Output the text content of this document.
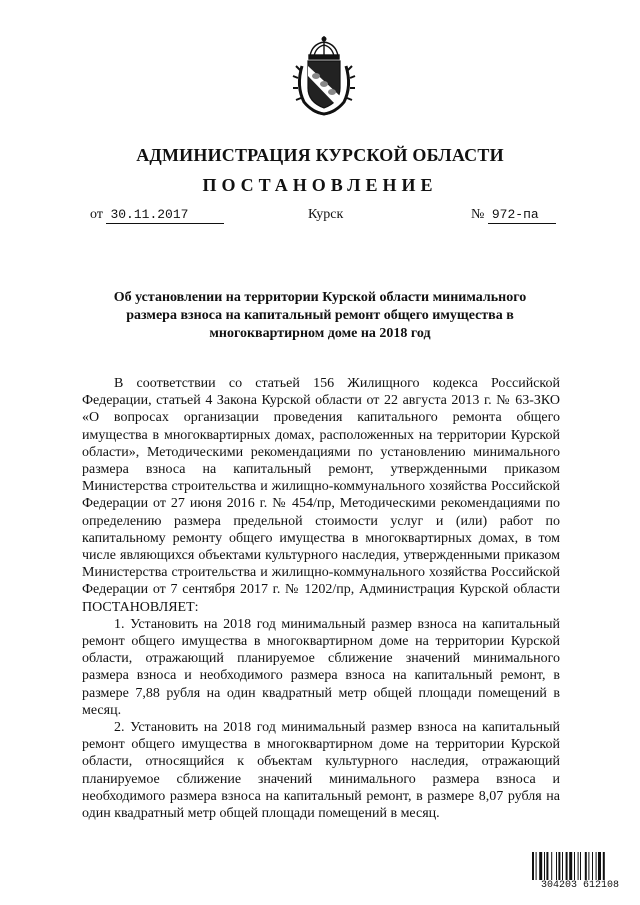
АДМИНИСТРАЦИЯ КУРСКОЙ ОБЛАСТИ
ПОСТАНОВЛЕНИЕ
от 30.11.2017	Курск	№ 972-па
Об установлении на территории Курской области минимального размера взноса на капитальный ремонт общего имущества в многоквартирном доме на 2018 год

В соответствии со статьей 156 Жилищного кодекса Российской Федерации, статьей 4 Закона Курской области от 22 августа 2013 г. № 63-ЗКО «О вопросах организации проведения капитального ремонта общего имущества в многоквартирных домах, расположенных на территории Курской области», Методическими рекомендациями по установлению минимального размера взноса на капитальный ремонт, утвержденными приказом Министерства строительства и жилищно-коммунального хозяйства Российской Федерации от 27 июня 2016 г. № 454/пр, Методическими рекомендациями по определению размера предельной стоимости услуг и (или) работ по капитальному ремонту общего имущества в многоквартирных домах, в том числе являющихся объектами культурного наследия, утвержденными приказом Министерства строительства и жилищно-коммунального хозяйства Российской Федерации от 7 сентября 2017 г. № 1202/пр, Администрация Курской области ПОСТАНОВЛЯЕТ:

1. Установить на 2018 год минимальный размер взноса на капитальный ремонт общего имущества в многоквартирном доме на территории Курской области, отражающий планируемое сближение значений минимального размера взноса и необходимого размера взноса на капитальный ремонт, в размере 7,88 рубля на один квадратный метр общей площади помещений в месяц.

2. Установить на 2018 год минимальный размер взноса на капитальный ремонт общего имущества в многоквартирном доме на территории Курской области, относящийся к объектам культурного наследия, отражающий планируемое сближение значений минимального размера взноса и необходимого размера взноса на капитальный ремонт, в размере 8,07 рубля на один квадратный метр общей площади помещений в месяц.

304203 612108
